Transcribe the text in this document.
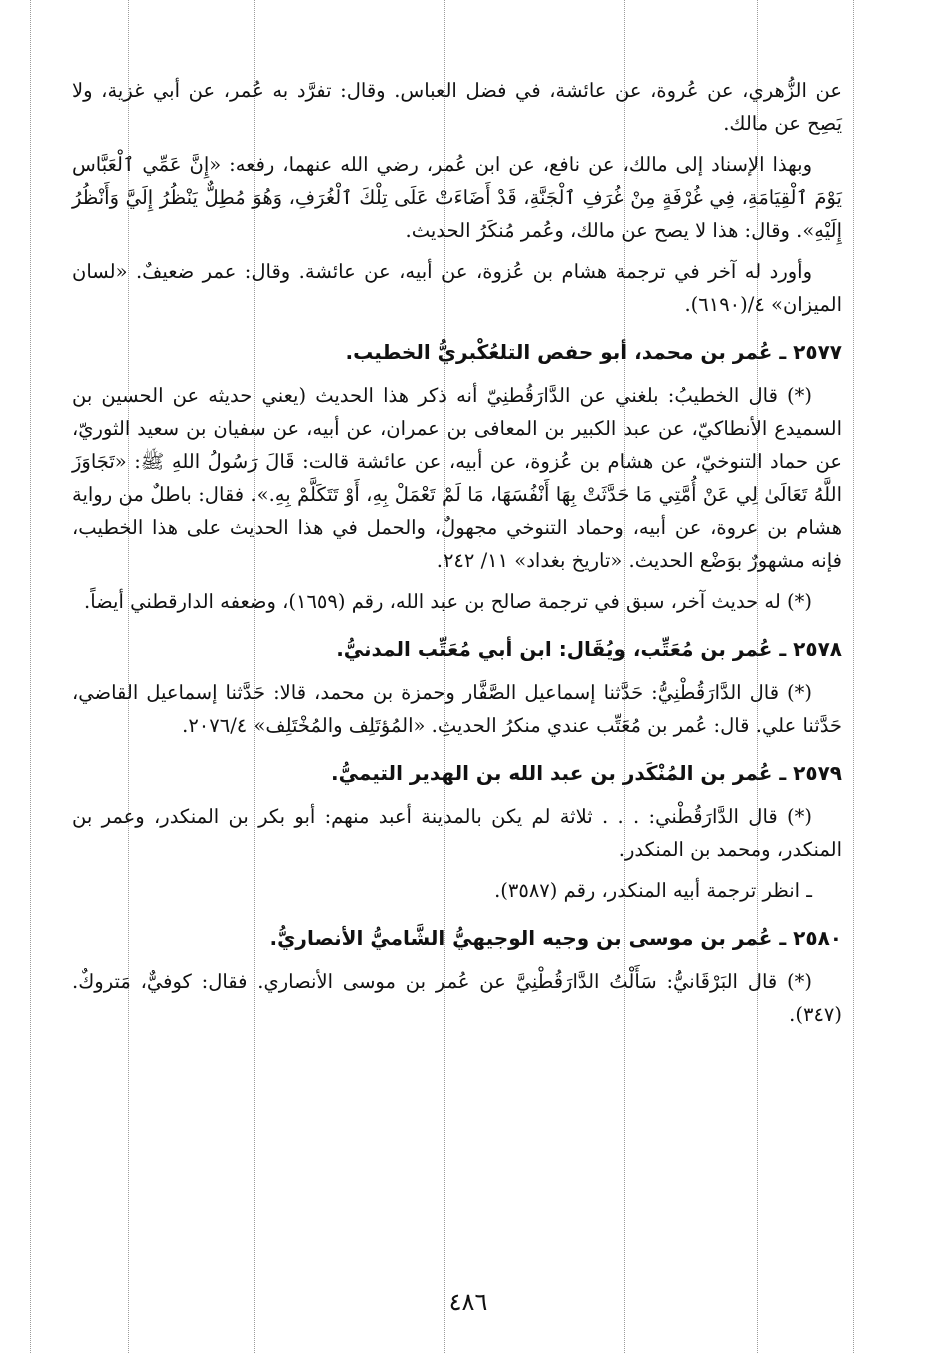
عن الزُّهري، عن عُروة، عن عائشة، في فضل العباس. وقال: تفرَّد به عُمر، عن أبي غزية، ولا يَصِح عن مالك.

وبهذا الإسناد إلى مالك، عن نافع، عن ابن عُمر، رضي الله عنهما، رفعه: «إِنَّ عَمِّي ٱلْعَبَّاس يَوْمَ ٱلْقِيَامَةِ، فِي غُرْفَةٍ مِنْ غُرَفِ ٱلْجَنَّةِ، قَدْ أَضَاءَتْ عَلَى تِلْكَ ٱلْغُرَفِ، وَهُوَ مُطِلٌّ يَنْظُرُ إِلَيَّ وَأَنْظُرُ إِلَيْهِ». وقال: هذا لا يصح عن مالك، وعُمر مُنكَرُ الحديث.

وأورد له آخر في ترجمة هشام بن عُزوة، عن أبيه، عن عائشة. وقال: عمر ضعيفٌ. «لسان الميزان» ٤/(٦١٩٠).

٢٥٧٧ ـ عُمر بن محمد، أبو حفص التلعُكْبريُّ الخطيب.

(*) قال الخطيبُ: بلغني عن الدَّارَقُطنِيّ أنه ذكر هذا الحديث (يعني حديثه عن الحسين بن السميدع الأنطاكيّ، عن عبد الكبير بن المعافى بن عمران، عن أبيه، عن سفيان بن سعيد الثوريّ، عن حماد التنوخيّ، عن هشام بن عُزوة، عن أبيه، عن عائشة قالت: قَالَ رَسُولُ اللهِ ﷺ: «تَجَاوَزَ اللَّهُ تَعَالَىٰ لِي عَنْ أُمَّتِي مَا حَدَّثَتْ بِهَا أَنْفُسَهَا، مَا لَمْ تَعْمَلْ بِهِ، أَوْ تَتَكَلَّمْ بِهِ.». فقال: باطلٌ من رواية هشام بن عروة، عن أبيه، وحماد التنوخي مجهولٌ، والحمل في هذا الحديث على هذا الخطيب، فإنه مشهورٌ بوَضْع الحديث. «تاريخ بغداد» ١١/ ٢٤٢.

(*) له حديث آخر، سبق في ترجمة صالح بن عبد الله، رقم (١٦٥٩)، وضعفه الدارقطني أيضاً.

٢٥٧٨ ـ عُمر بن مُعَتِّب، ويُقَال: ابن أبي مُعَتِّب المدنيُّ.

(*) قال الدَّارَقُطْنِيُّ: حَدَّثنا إسماعيل الصَّفَّار وحمزة بن محمد، قالا: حَدَّثنا إسماعيل القاضي، حَدَّثنا علي. قال: عُمر بن مُعَتِّب عندي منكرُ الحديثِ. «المُؤتَلِف والمُخْتَلِف» ٢٠٧٦/٤.

٢٥٧٩ ـ عُمر بن المُنْكَدر بن عبد الله بن الهدير التيميُّ.

(*) قال الدَّارَقُطْني: . . . ثلاثة لم يكن بالمدينة أعبد منهم: أبو بكر بن المنكدر، وعمر بن المنكدر، ومحمد بن المنكدر.

ـ انظر ترجمة أبيه المنكدر، رقم (٣٥٨٧).

٢٥٨٠ ـ عُمر بن موسى بن وجيه الوجيهيُّ الشَّاميُّ الأنصاريُّ.

(*) قال البَرْقَانيُّ: سَأَلْتُ الدَّارَقُطْنِيَّ عن عُمر بن موسى الأنصاري. فقال: كوفيٌّ، مَتروكٌ. (٣٤٧).

٤٨٦
